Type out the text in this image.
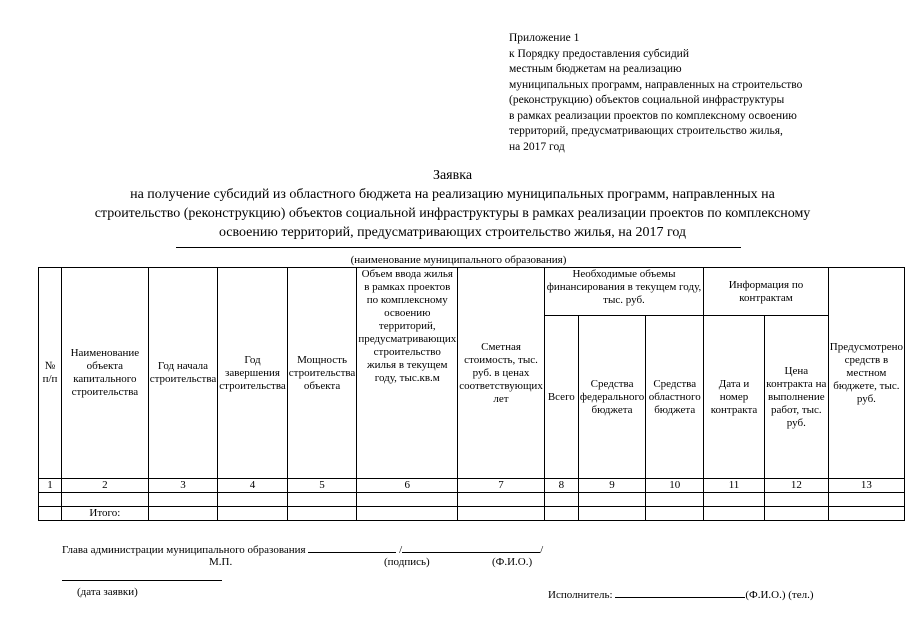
Приложение 1
к Порядку предоставления субсидий
местным бюджетам на реализацию
муниципальных программ, направленных на строительство
(реконструкцию) объектов социальной инфраструктуры
в рамках реализации проектов по комплексному освоению
территорий, предусматривающих строительство жилья,
на 2017 год
Заявка
на получение субсидий из областного бюджета на реализацию муниципальных программ, направленных на
строительство (реконструкцию) объектов социальной инфраструктуры в рамках реализации проектов по комплексному
освоению территорий, предусматривающих строительство жилья, на 2017 год
(наименование муниципального образования)
№ п/п	Наименование объекта капитального строительства	Год начала строительства	Год завершения строительства	Мощность строительства объекта	Объем ввода жилья в рамках проектов по комплексному освоению территорий, предусматривающих строительство жилья в текущем году, тыс.кв.м	Сметная стоимость, тыс. руб. в ценах соответствующих лет	Необходимые объемы финансирования в текущем году, тыс. руб.			Информация по контрактам		Предусмотрено средств в местном бюджете, тыс. руб.
							Всего	Средства федерального бюджета	Средства областного бюджета	Дата и номер контракта	Цена контракта на выполнение работ, тыс. руб.	
1	2	3	4	5	6	7	8	9	10	11	12	13

	Итого:											
Глава администрации муниципального образования	/	/
М.П.	(подпись)	(Ф.И.О.)
(дата заявки)	Исполнитель:	(Ф.И.О.) (тел.)
